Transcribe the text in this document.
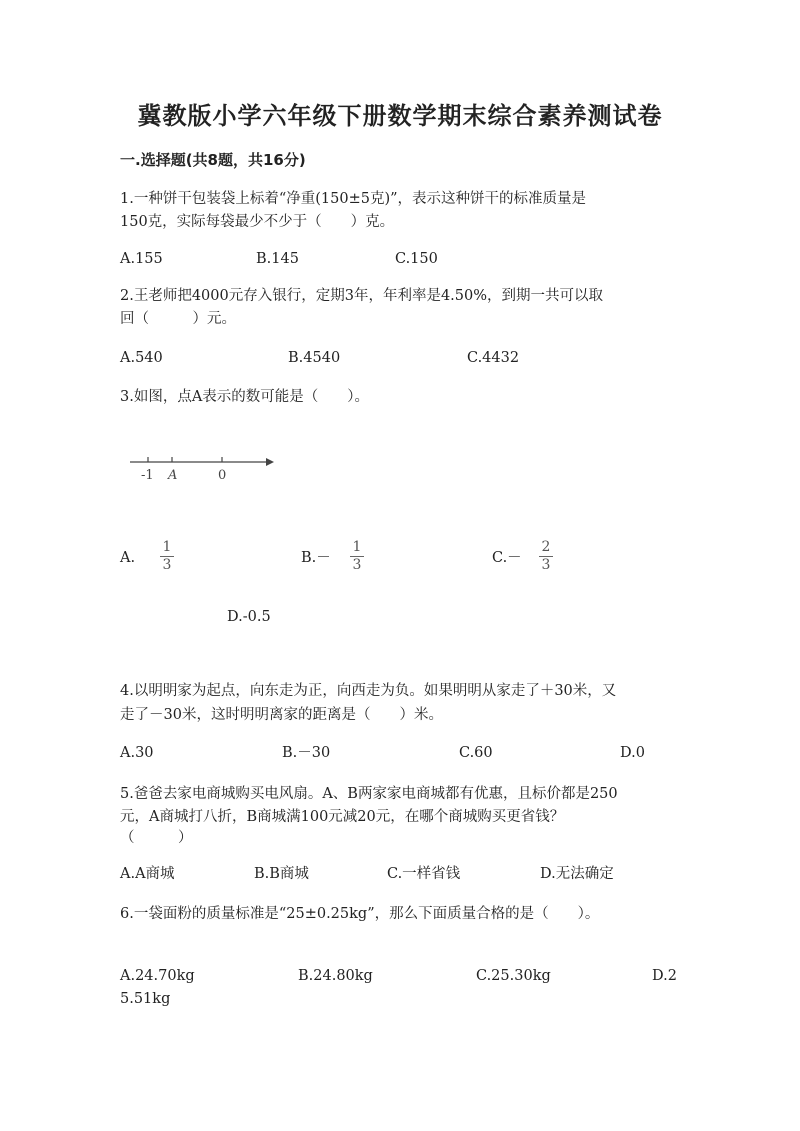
冀教版小学六年级下册数学期末综合素养测试卷
一.选择题(共8题，共16分)
1.一种饼干包装袋上标着“净重(150±5克)”，表示这种饼干的标准质量是
150克，实际每袋最少不少于（　　）克。
A.155	B.145	C.150
2.王老师把4000元存入银行，定期3年，年利率是4.50%，到期一共可以取
回（　　　）元。
A.540	B.4540	C.4432
3.如图，点A表示的数可能是（　　）。
-1 A	0
A.
1
3	B.－
1
3	C.－
2
3
D.-0.5
4.以明明家为起点，向东走为正，向西走为负。如果明明从家走了＋30米，又
走了－30米，这时明明离家的距离是（　　）米。
A.30	B.－30	C.60	D.0
5.爸爸去家电商城购买电风扇。A、B两家家电商城都有优惠，且标价都是250
元，A商城打八折，B商城满100元减20元，在哪个商城购买更省钱？
（　　　）
A.A商城	B.B商城	C.一样省钱	D.无法确定
6.一袋面粉的质量标准是“25±0.25kg”，那么下面质量合格的是（　　）。
A.24.70kg	B.24.80kg	C.25.30kg	D.2
5.51kg
